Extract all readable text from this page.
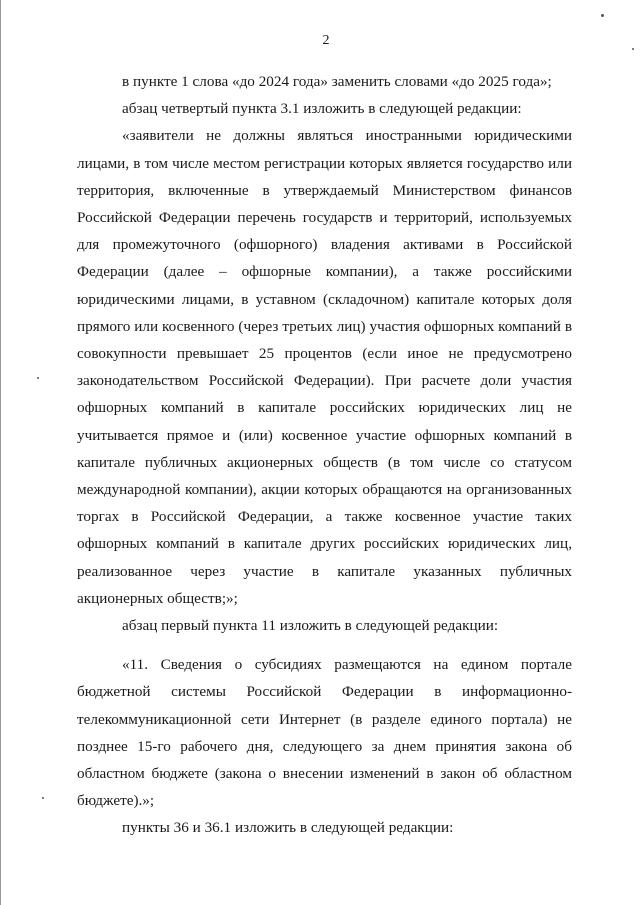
2

в пункте 1 слова «до 2024 года» заменить словами «до 2025 года»;

абзац четвертый пункта 3.1 изложить в следующей редакции:

«заявители не должны являться иностранными юридическими лицами, в том числе местом регистрации которых является государство или территория, включенные в утверждаемый Министерством финансов Российской Федерации перечень государств и территорий, используемых для промежуточного (офшорного) владения активами в Российской Федерации (далее – офшорные компании), а также российскими юридическими лицами, в уставном (складочном) капитале которых доля прямого или косвенного (через третьих лиц) участия офшорных компаний в совокупности превышает 25 процентов (если иное не предусмотрено законодательством Российской Федерации). При расчете доли участия офшорных компаний в капитале российских юридических лиц не учитывается прямое и (или) косвенное участие офшорных компаний в капитале публичных акционерных обществ (в том числе со статусом международной компании), акции которых обращаются на организованных торгах в Российской Федерации, а также косвенное участие таких офшорных компаний в капитале других российских юридических лиц, реализованное через участие в капитале указанных публичных акционерных обществ;»;

абзац первый пункта 11 изложить в следующей редакции:

«11. Сведения о субсидиях размещаются на едином портале бюджетной системы Российской Федерации в информационно-телекоммуникационной сети Интернет (в разделе единого портала) не позднее 15-го рабочего дня, следующего за днем принятия закона об областном бюджете (закона о внесении изменений в закон об областном бюджете).»;

пункты 36 и 36.1 изложить в следующей редакции:
